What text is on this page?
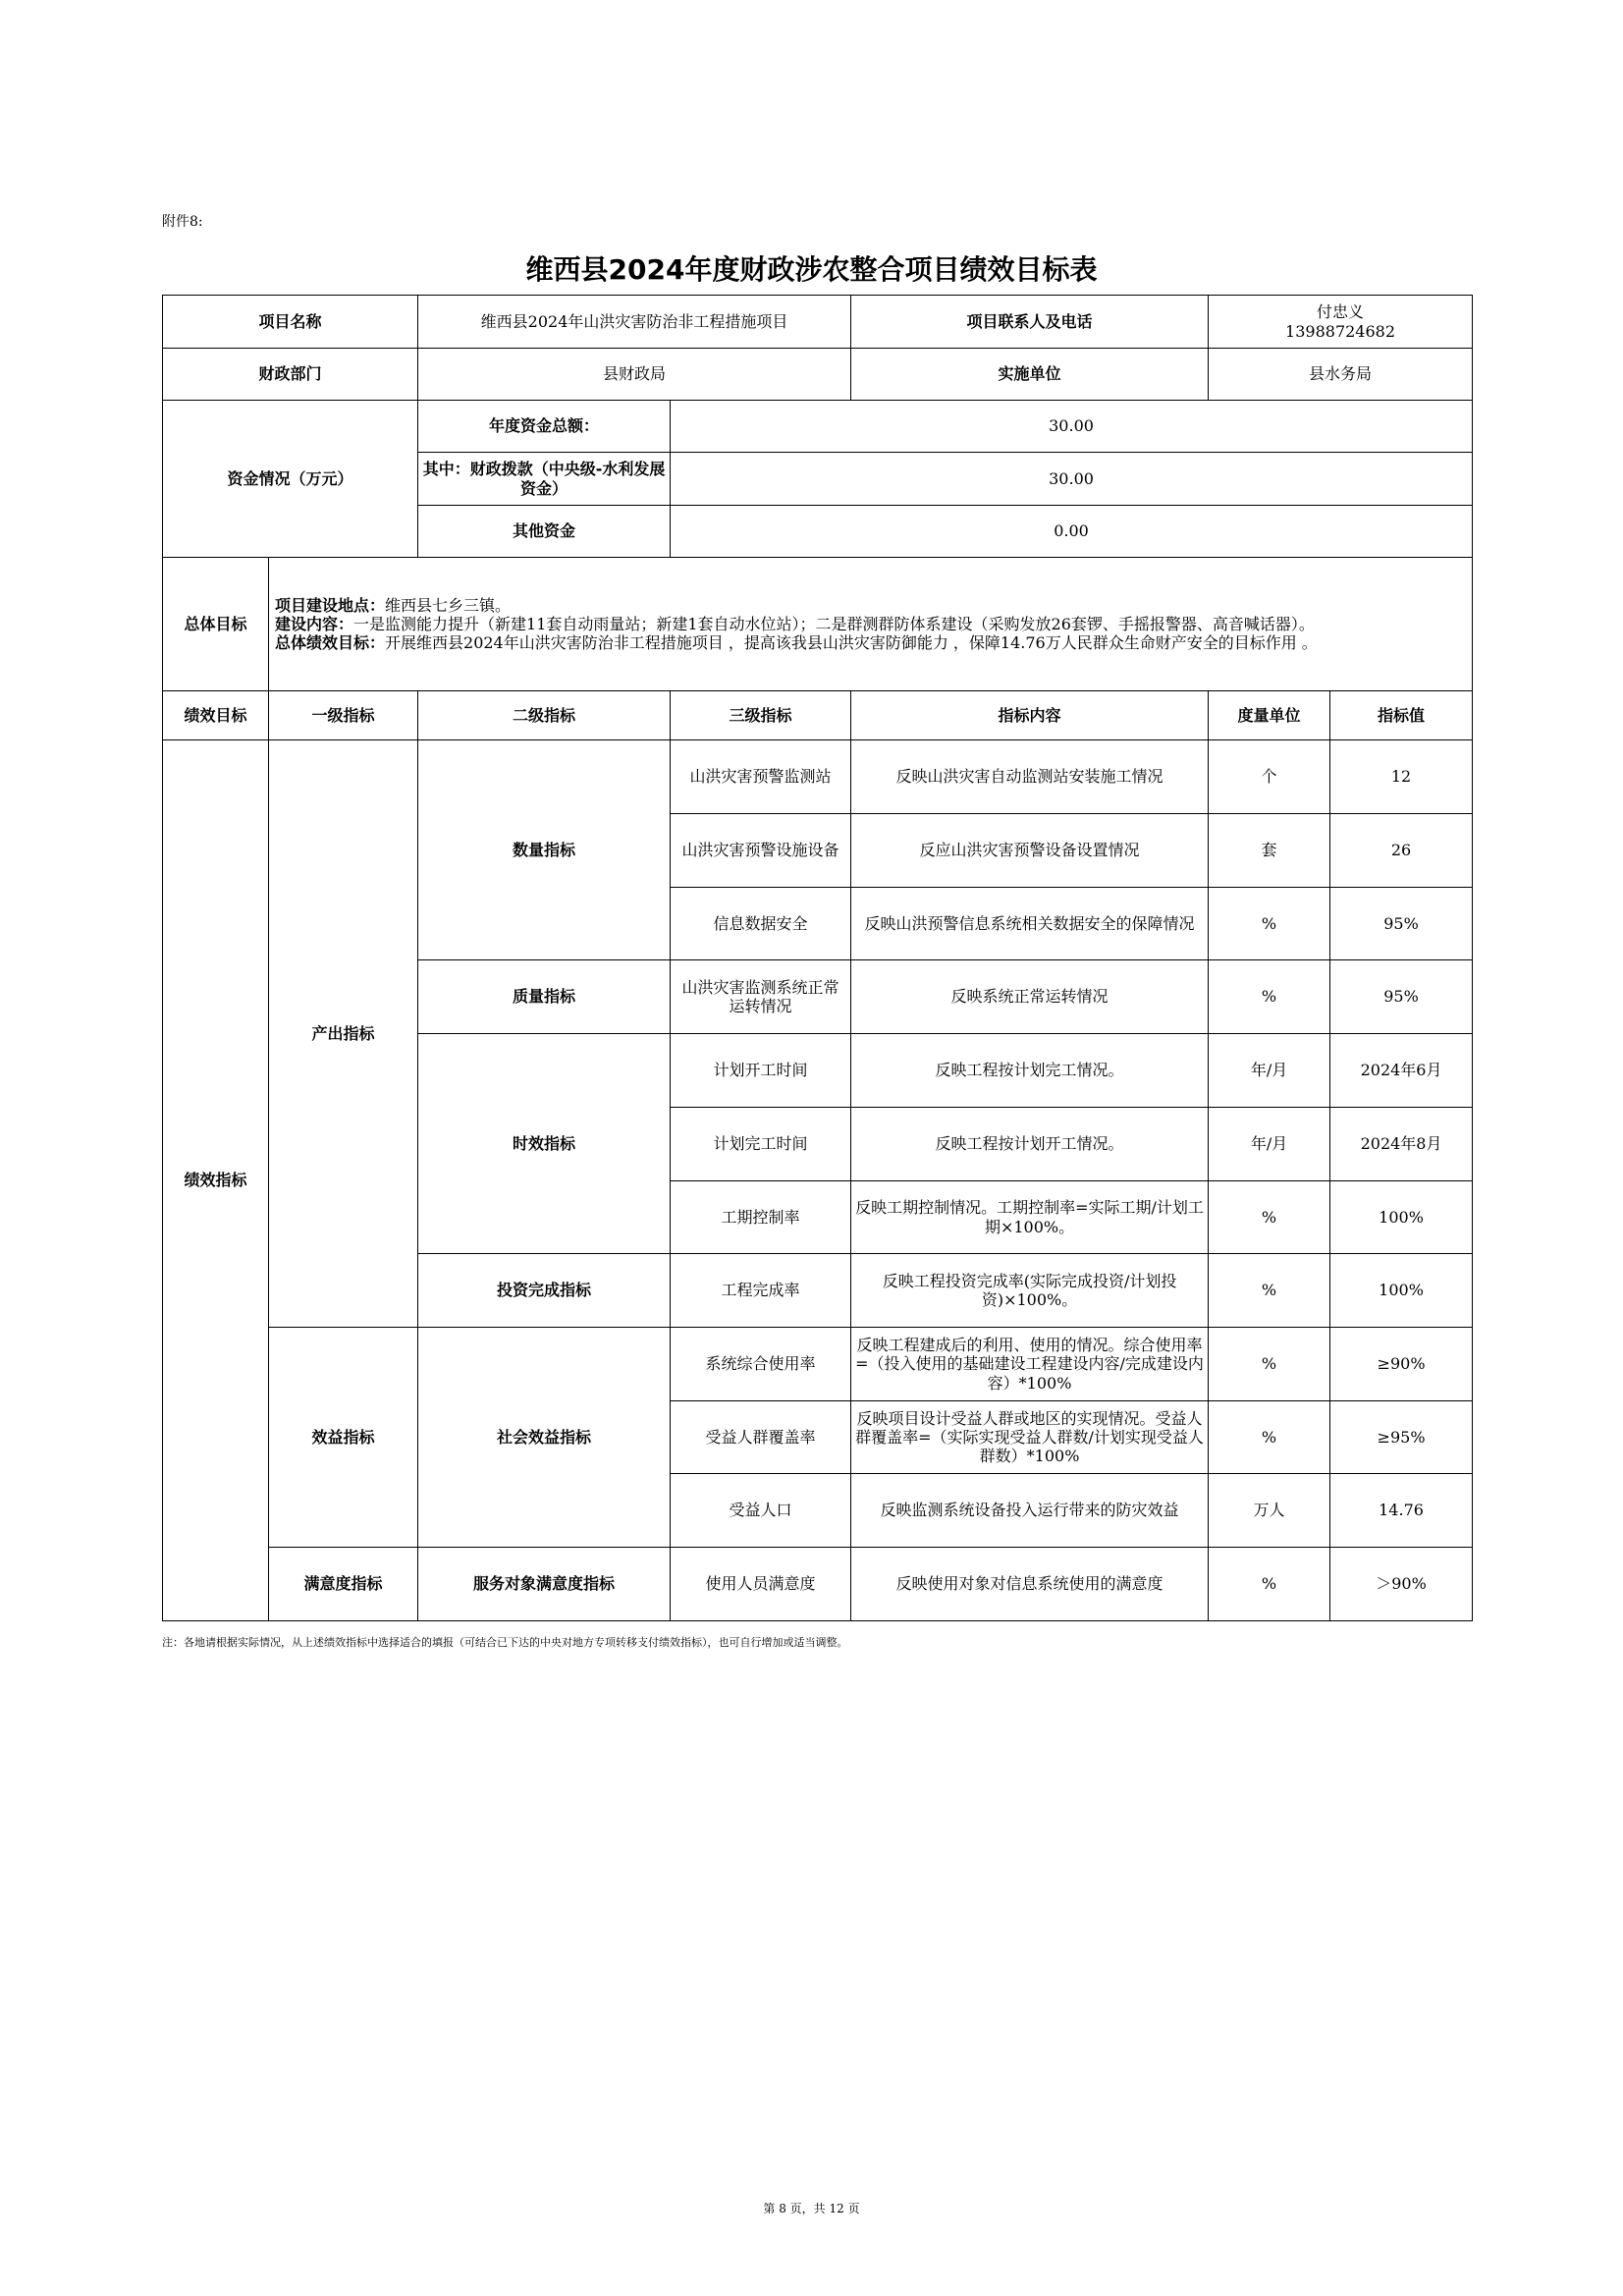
附件8:
维西县2024年度财政涉农整合项目绩效目标表
项目名称		维西县2024年山洪灾害防治非工程措施项目		项目联系人及电话	付忠义
13988724682	

财政部门		县财政局		实施单位	县水务局	
资金情况（万元）		年度资金总额：	30.00			
		其中：财政拨款（中央级-水利发展资金）	30.00			
		其他资金	0.00			
总体目标	项目建设地点：维西县七乡三镇。
建设内容：一是监测能力提升（新建11套自动雨量站；新建1套自动水位站）；二是群测群防体系建设（采购发放26套锣、手摇报警器、高音喊话器）。
总体绩效目标：开展维西县2024年山洪灾害防治非工程措施项目 ，提高该我县山洪灾害防御能力 ，保障14.76万人民群众生命财产安全的目标作用 。					

绩效目标	一级指标	二级指标	三级指标	指标内容	度量单位	指标值
绩效指标	产出指标	数量指标	山洪灾害预警监测站	反映山洪灾害自动监测站安装施工情况	个	12
			山洪灾害预警设施设备	反应山洪灾害预警设备设置情况	套	26
			信息数据安全	反映山洪预警信息系统相关数据安全的保障情况	%	95%
		质量指标	山洪灾害监测系统正常运转情况	反映系统正常运转情况	%	95%
		时效指标	计划开工时间	反映工程按计划完工情况。	年/月	2024年6月
			计划完工时间	反映工程按计划开工情况。	年/月	2024年8月
			工期控制率	反映工期控制情况。工期控制率=实际工期/计划工期×100%。	%	100%
		投资完成指标	工程完成率	反映工程投资完成率(实际完成投资/计划投资)×100%。	%	100%
	效益指标	社会效益指标	系统综合使用率	反映工程建成后的利用、使用的情况。综合使用率=（投入使用的基础建设工程建设内容/完成建设内容）*100%	%	≥90%
			受益人群覆盖率	反映项目设计受益人群或地区的实现情况。受益人群覆盖率=（实际实现受益人群数/计划实现受益人群数）*100%	%	≥95%
			受益人口	反映监测系统设备投入运行带来的防灾效益	万人	14.76
	满意度指标	服务对象满意度指标	使用人员满意度	反映使用对象对信息系统使用的满意度	%	＞90%
注：各地请根据实际情况，从上述绩效指标中选择适合的填报（可结合已下达的中央对地方专项转移支付绩效指标），也可自行增加或适当调整。
第 8 页，共 12 页
